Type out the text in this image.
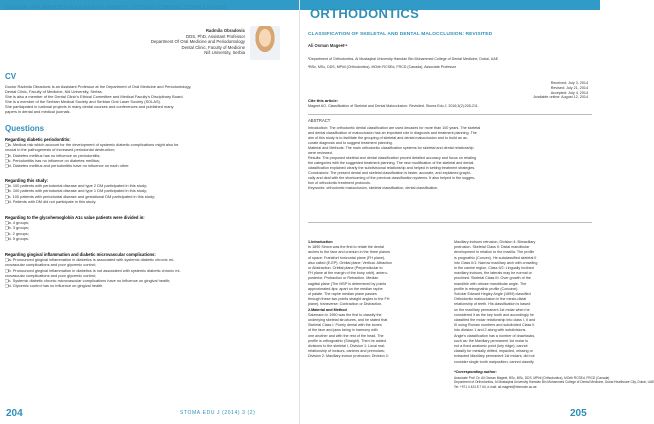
GINGIVAL INFLAMMATION AS A SIGN OF DIABETIC SYSTEMIC CHRONIC COMPLICATIONS
Radmila Obradovic
DDS, PhD, Assistant Professor
Department Of Oral Medicine and Periodontology
Dental Clinic, Faculty of Medicine
Niš University, Serbia
CV
Doctor Radmila Obradovic is an Assistant Professor at the Department of Oral Medicine and Periodontology,
Dental Clinic, Faculty of Medicine, Niš University, Serbia.
She is also a member of the Dental Clinic's Ethical Committee and Medical Faculty's Disciplinary Board.
She is a member of the Serbian Medical Society and Serbian Oral Laser Society (SOLAS).
She participated in national projects in many dental courses and conferences and published many
papers in dental and medical journals.
Questions
Regarding diabetic periodontitis:
❑a. Medical risk which account for the development of systemic diabetic complications might also be
crucial in the pathogenesis of increased periodontal destruction;
❑b. Diabetes mellitus has no influence on periodontitis;
❑c. Periodontitis has no influence on diabetes mellitus;
❑d. Diabetes mellitus and periodontitis have no influence on each other.
Regarding this study:
❑a. 100 patients with periodontal disease and type 2 DM participated in this study;
❑b. 100 patients with periodontal disease and type 1 DM participated in this study;
❑c. 100 patients with periodontal disease and gestational DM participated in this study;
❑d. Patients with DM did not participate in this study.
Regarding to the glycohemoglobin A1c value patients were divided in:
❑a. 4 groups;
❑b. 3 groups;
❑c. 2 groups;
❑d. 5 groups.
Regarding gingival inflammation and diabetic microvascular complications:
❑a. Pronounced gingival inflammation in diabetics is associated with systemic diabetic chronic mi-
crovascular complications and poor glycemic control;
❑b. Pronounced gingival inflammation in diabetics is not associated with systemic diabetic chronic mi-
crovascular complications and poor glycemic control;
❑c. Systemic diabetic chronic microvascular complications have no influence on gingival health;
❑d. Glycemic control has no influence on gingival health.
204	STOMA.EDU J (2014) 3 (2)
ORTHODONTICS
CLASSIFICATION OF SKELETAL AND DENTAL MALOCCLUSION: REVISITED
Ali Osman Mageet¹ᵃ
¹Department of Orthodontics, Al Mustaqbal University Hamdan Bin Mohammed College of Dental Medicine, Dubai, UAE
ᵃBSc, MSc, DDS, MPhil (Orthodontics), MOrth RCSEd, FRCD (Canada), Associate Professor
Received: July 3, 2014
Revised: July 21, 2014
Accepted: July 4, 2014
Available online: August 12, 2014
Cite this article:
Mageet AO. Classification of Skeletal and Dental Malocclusion: Revisited. Stoma Edu J. 2016;3(2):205-211.
ABSTRACT
Introduction: The orthodontic dental classification are used decades for more than 100 years. The skeletal
and dental classification of malocclusion has an important role in diagnosis and treatment planning. The
aim of this study is to facilitate the grouping of skeletal and dental malocclusion and to build an ac-
curate diagnosis and to suggest treatment planning.
Material and Methods: The main orthodontic classification systems for skeletal and dental relationship
were reviewed.
Results: The proposed skeletal and dental classification proved detailed accuracy and focus on relating
the categories with the suggested treatment planning. The new modification of the skeletal and dental
classification explained clearly the subdivisional relationship and helped in setting treatment strategies.
Conclusions: The present dental and skeletal classification is faster, accurate, and explained graphi-
cally and deal with the shortcoming of the previous classification systems. It also helped in the sugges-
tion of orthodontic treatment protocols.
Keywords: orthodontic malocclusion, skeletal classification, dental classification.
1.Introduction
In 1890 Simon was the first to relate the dental
arches to the face and cranium in the three planes
of space: Frankfort horizontal plane (FH plane),
also called (E-EP). Orbital plane: Vertical. Attraction
or Abstraction. Orbital plane (Perpendicular to
FH plane at the margin of the bony orbit), antero-
posterior. Protraction or Retraction. Median
sagittal plane (The MSP is determined by points
approximated-tips: apart on the median raphe
of palate. The raphe median plane passes
through these two points straight angles to the FH
plane), transverse: Contraction or Distraction.
2.Material and Method
Salzmann in 1950 was the first to classify the
underlying skeletal structures, and he stated that
Skeletal Class I: Purely dental with the bones
of the face and jaws being in harmony with
one another and with the rest of the head. The
profile is orthognathic (Straight). Then he added
divisions to the skeletal I, Division 1: Local mal-
relationship of incisors, canines and premolars;
Division 2: Maxillary incisor protrusion; Division 3:
Maxillary incisors retrusion; Division 4: Bimaxillary
protrusion. Skeletal Class II: Distal mandibular
development in relation to the maxilla. The profile
is prognathic (Convex). He subclassified skeletal II
into Class II/1: Narrow maxillary arch with crowding
in the canine region, Class II/2: Lingually inclined
maxillary incisors, the laterals may be normal or
proclined. Skeletal Class III: Over growth of the
mandible with obtuse mandibular angle. The
profile is retrognathic profile (Concave).
Scholar Edward Hegley Angle (1899) classified
Orthodontic malocclusion in the mesio-distal
relationship of teeth. His classification is based
on the maxillary permanent 1st molar when he
considered it as the key tooth and accordingly he
classified the molar relationship into class I, II and
III using Roman numbers and subdivided Class II
into division 1 and 2 along with subdivisions.
Angle's classification has a number of drawbacks,
such as: the Maxillary permanent 1st molar is
not a fixed anatomic point (key ridge); cannot
classify for mesially drifted, impacted, missing or
extracted Maxillary permanent 1st molars; did not
consider single tooth malposition; cannot classify
*Corresponding author:
Associate Prof. Dr. Ali Osman Mageet, BSc, MSc, DDS, MPhil (Orthodontics), MOrth RCSEd, FRCD (Canada)
Department of Orthodontics, Al Mustaqbal University Hamdan Bin Mohammed College of Dental Medicine, Dubai Healthcare City, Dubai, UAE
Tel: +971 4 424 8 7 64, e-mail: ali.mageet@hbmcdm.ac.ae
205
